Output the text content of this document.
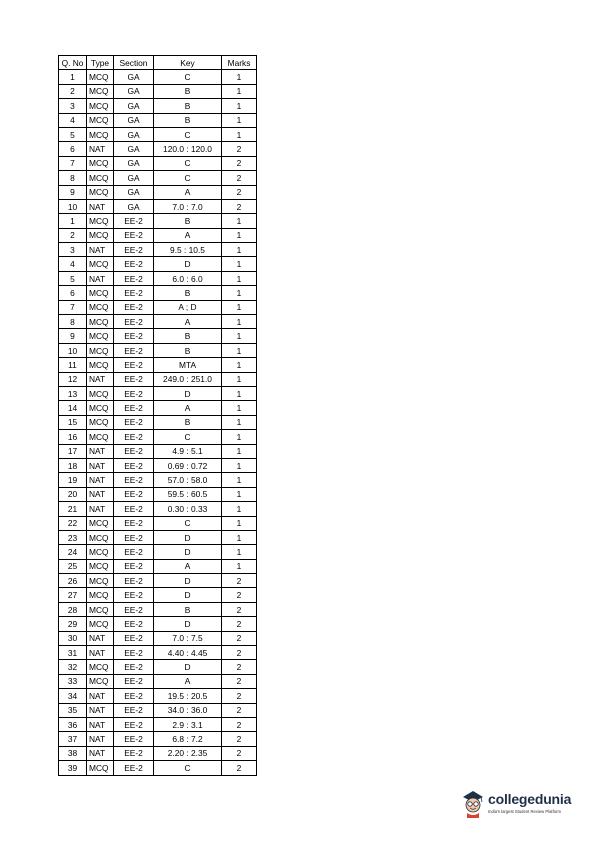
Q. No	Type	Section	Key	Marks
1	MCQ	GA	C	1
2	MCQ	GA	B	1
3	MCQ	GA	B	1
4	MCQ	GA	B	1
5	MCQ	GA	C	1
6	NAT	GA	120.0 : 120.0	2
7	MCQ	GA	C	2
8	MCQ	GA	C	2
9	MCQ	GA	A	2
10	NAT	GA	7.0 : 7.0	2
1	MCQ	EE-2	B	1
2	MCQ	EE-2	A	1
3	NAT	EE-2	9.5 : 10.5	1
4	MCQ	EE-2	D	1
5	NAT	EE-2	6.0 : 6.0	1
6	MCQ	EE-2	B	1
7	MCQ	EE-2	A ; D	1
8	MCQ	EE-2	A	1
9	MCQ	EE-2	B	1
10	MCQ	EE-2	B	1
11	MCQ	EE-2	MTA	1
12	NAT	EE-2	249.0 : 251.0	1
13	MCQ	EE-2	D	1
14	MCQ	EE-2	A	1
15	MCQ	EE-2	B	1
16	MCQ	EE-2	C	1
17	NAT	EE-2	4.9 : 5.1	1
18	NAT	EE-2	0.69 : 0.72	1
19	NAT	EE-2	57.0 : 58.0	1
20	NAT	EE-2	59.5 : 60.5	1
21	NAT	EE-2	0.30 : 0.33	1
22	MCQ	EE-2	C	1
23	MCQ	EE-2	D	1
24	MCQ	EE-2	D	1
25	MCQ	EE-2	A	1
26	MCQ	EE-2	D	2
27	MCQ	EE-2	D	2
28	MCQ	EE-2	B	2
29	MCQ	EE-2	D	2
30	NAT	EE-2	7.0 : 7.5	2
31	NAT	EE-2	4.40 : 4.45	2
32	MCQ	EE-2	D	2
33	MCQ	EE-2	A	2
34	NAT	EE-2	19.5 : 20.5	2
35	NAT	EE-2	34.0 : 36.0	2
36	NAT	EE-2	2.9 : 3.1	2
37	NAT	EE-2	6.8 : 7.2	2
38	NAT	EE-2	2.20 : 2.35	2
39	MCQ	EE-2	C	2
collegedunia
India's largest Student Review Platform
